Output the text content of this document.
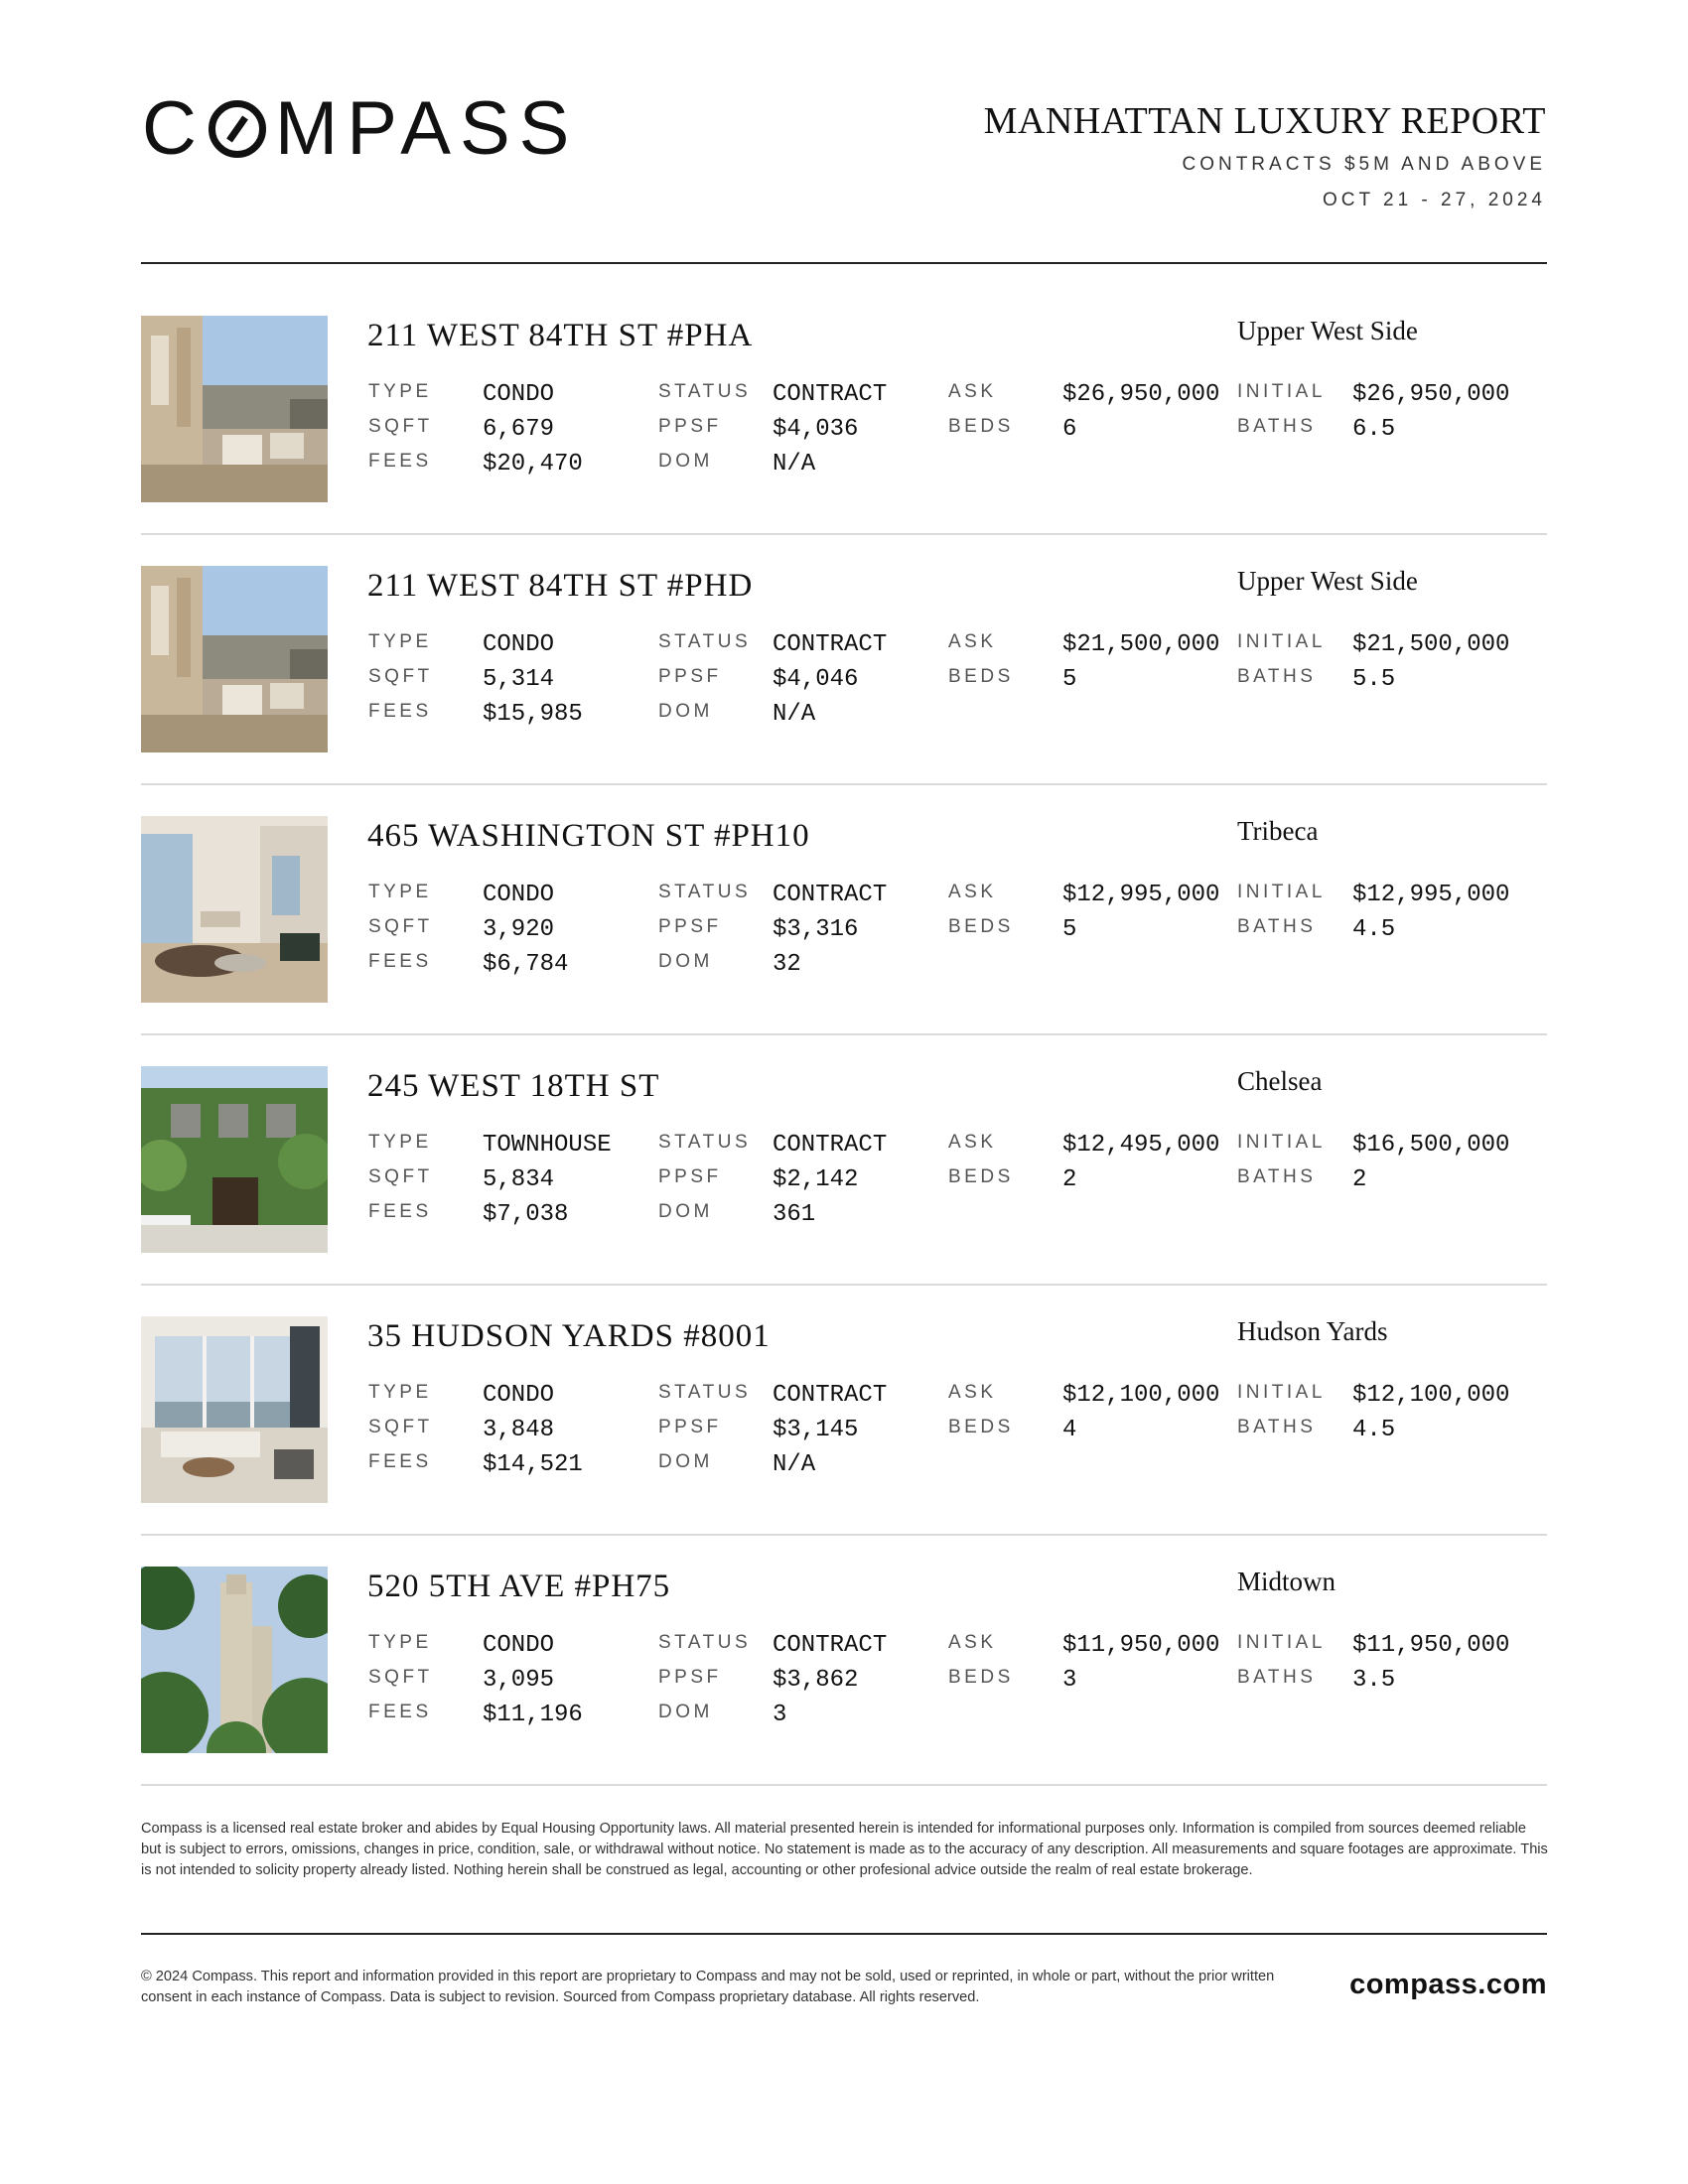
C MPASS	MANHATTAN LUXURY REPORT
CONTRACTS $5M AND ABOVE
OCT 21 - 27, 2024
211 WEST 84TH ST #PHA	Upper West Side
TYPE CONDO
SQFT 6,679
FEES $20,470
STATUS CONTRACT
PPSF $4,036
DOM	N/A
ASK	$26,950,000
BEDS 6
INITIAL $26,950,000
BATHS 6.5
211 WEST 84TH ST #PHD	Upper West Side
TYPE CONDO
SQFT 5,314
FEES $15,985
STATUS CONTRACT
PPSF $4,046
DOM	N/A
ASK	$21,500,000
BEDS 5
INITIAL $21,500,000
BATHS 5.5
465 WASHINGTON ST #PH10	Tribeca
TYPE CONDO
SQFT 3,920
FEES $6,784
STATUS CONTRACT
PPSF $3,316
DOM	32
ASK	$12,995,000
BEDS 5
INITIAL $12,995,000
BATHS 4.5
245 WEST 18TH ST	Chelsea
TYPE TOWNHOUSE
SQFT 5,834
FEES $7,038
STATUS CONTRACT
PPSF $2,142
DOM	361
ASK	$12,495,000
BEDS 2
INITIAL $16,500,000
BATHS 2
35 HUDSON YARDS #8001	Hudson Yards
TYPE CONDO
SQFT 3,848
FEES $14,521
STATUS CONTRACT
PPSF $3,145
DOM	N/A
ASK	$12,100,000
BEDS 4
INITIAL $12,100,000
BATHS 4.5
520 5TH AVE #PH75	Midtown
TYPE CONDO
SQFT 3,095
FEES $11,196
STATUS CONTRACT
PPSF $3,862
DOM	3
ASK	$11,950,000
BEDS 3
INITIAL $11,950,000
BATHS 3.5
Compass is a licensed real estate broker and abides by Equal Housing Opportunity laws. All material presented herein is intended for informational purposes only. Information is compiled from sources deemed reliable but is subject to errors, omissions, changes in price, condition, sale, or withdrawal without notice. No statement is made as to the accuracy of any description. All measurements and square footages are approximate. This is not intended to solicity property already listed. Nothing herein shall be construed as legal, accounting or other profesional advice outside the realm of real estate brokerage.
© 2024 Compass. This report and information provided in this report are proprietary to Compass and may not be sold, used or reprinted, in whole or part, without the prior written consent in each instance of Compass. Data is subject to revision. Sourced from Compass proprietary database. All rights reserved.	compass.com
